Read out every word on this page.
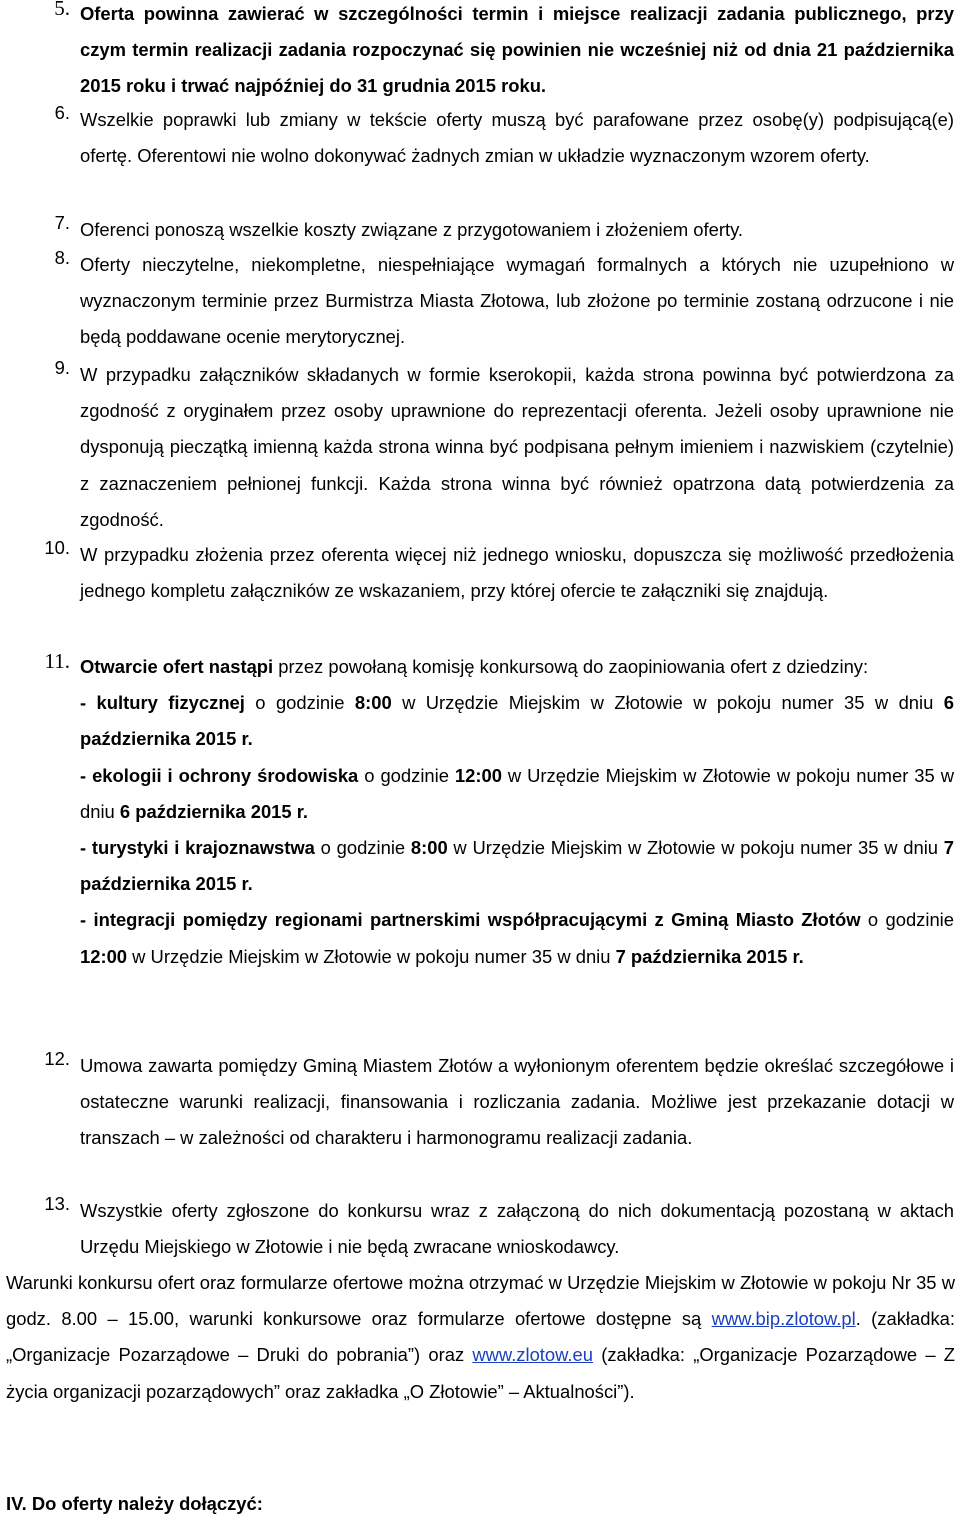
5. Oferta powinna zawierać w szczególności termin i miejsce realizacji zadania publicznego, przy czym termin realizacji zadania rozpoczynać się powinien nie wcześniej niż od dnia 21 października 2015 roku i trwać najpóźniej do 31 grudnia 2015 roku.
6. Wszelkie poprawki lub zmiany w tekście oferty muszą być parafowane przez osobę(y) podpisującą(e) ofertę. Oferentowi nie wolno dokonywać żadnych zmian w układzie wyznaczonym wzorem oferty.
7. Oferenci ponoszą wszelkie koszty związane z przygotowaniem i złożeniem oferty.
8. Oferty nieczytelne, niekompletne, niespełniające wymagań formalnych a których nie uzupełniono w wyznaczonym terminie przez Burmistrza Miasta Złotowa, lub złożone po terminie zostaną odrzucone i nie będą poddawane ocenie merytorycznej.
9. W przypadku załączników składanych w formie kserokopii, każda strona powinna być potwierdzona za zgodność z oryginałem przez osoby uprawnione do reprezentacji oferenta. Jeżeli osoby uprawnione nie dysponują pieczątką imienną każda strona winna być podpisana pełnym imieniem i nazwiskiem (czytelnie) z zaznaczeniem pełnionej funkcji. Każda strona winna być również opatrzona datą potwierdzenia za zgodność.
10. W przypadku złożenia przez oferenta więcej niż jednego wniosku, dopuszcza się możliwość przedłożenia jednego kompletu załączników ze wskazaniem, przy której ofercie te załączniki się znajdują.
11. Otwarcie ofert nastąpi przez powołaną komisję konkursową do zaopiniowania ofert z dziedziny:

- kultury fizycznej o godzinie 8:00 w Urzędzie Miejskim w Złotowie w pokoju numer 35 w dniu 6 października 2015 r.

- ekologii i ochrony środowiska o godzinie 12:00 w Urzędzie Miejskim w Złotowie w pokoju numer 35 w dniu 6 października 2015 r.

- turystyki i krajoznawstwa o godzinie 8:00 w Urzędzie Miejskim w Złotowie w pokoju numer 35 w dniu 7 października 2015 r.

- integracji pomiędzy regionami partnerskimi współpracującymi z Gminą Miasto Złotów o godzinie 12:00 w Urzędzie Miejskim w Złotowie w pokoju numer 35 w dniu 7 października 2015 r.

12. Umowa zawarta pomiędzy Gminą Miastem Złotów a wyłonionym oferentem będzie określać szczegółowe i ostateczne warunki realizacji, finansowania i rozliczania zadania. Możliwe jest przekazanie dotacji w transzach – w zależności od charakteru i harmonogramu realizacji zadania.
13. Wszystkie oferty zgłoszone do konkursu wraz z załączoną do nich dokumentacją pozostaną w aktach Urzędu Miejskiego w Złotowie i nie będą zwracane wnioskodawcy.
Warunki konkursu ofert oraz formularze ofertowe można otrzymać w Urzędzie Miejskim w Złotowie w pokoju Nr 35 w godz. 8.00 – 15.00, warunki konkursowe oraz formularze ofertowe dostępne są www.bip.zlotow.pl. (zakładka: „Organizacje Pozarządowe – Druki do pobrania”) oraz www.zlotow.eu (zakładka: „Organizacje Pozarządowe – Z życia organizacji pozarządowych” oraz zakładka „O Złotowie” – Aktualności”).
IV. Do oferty należy dołączyć:
